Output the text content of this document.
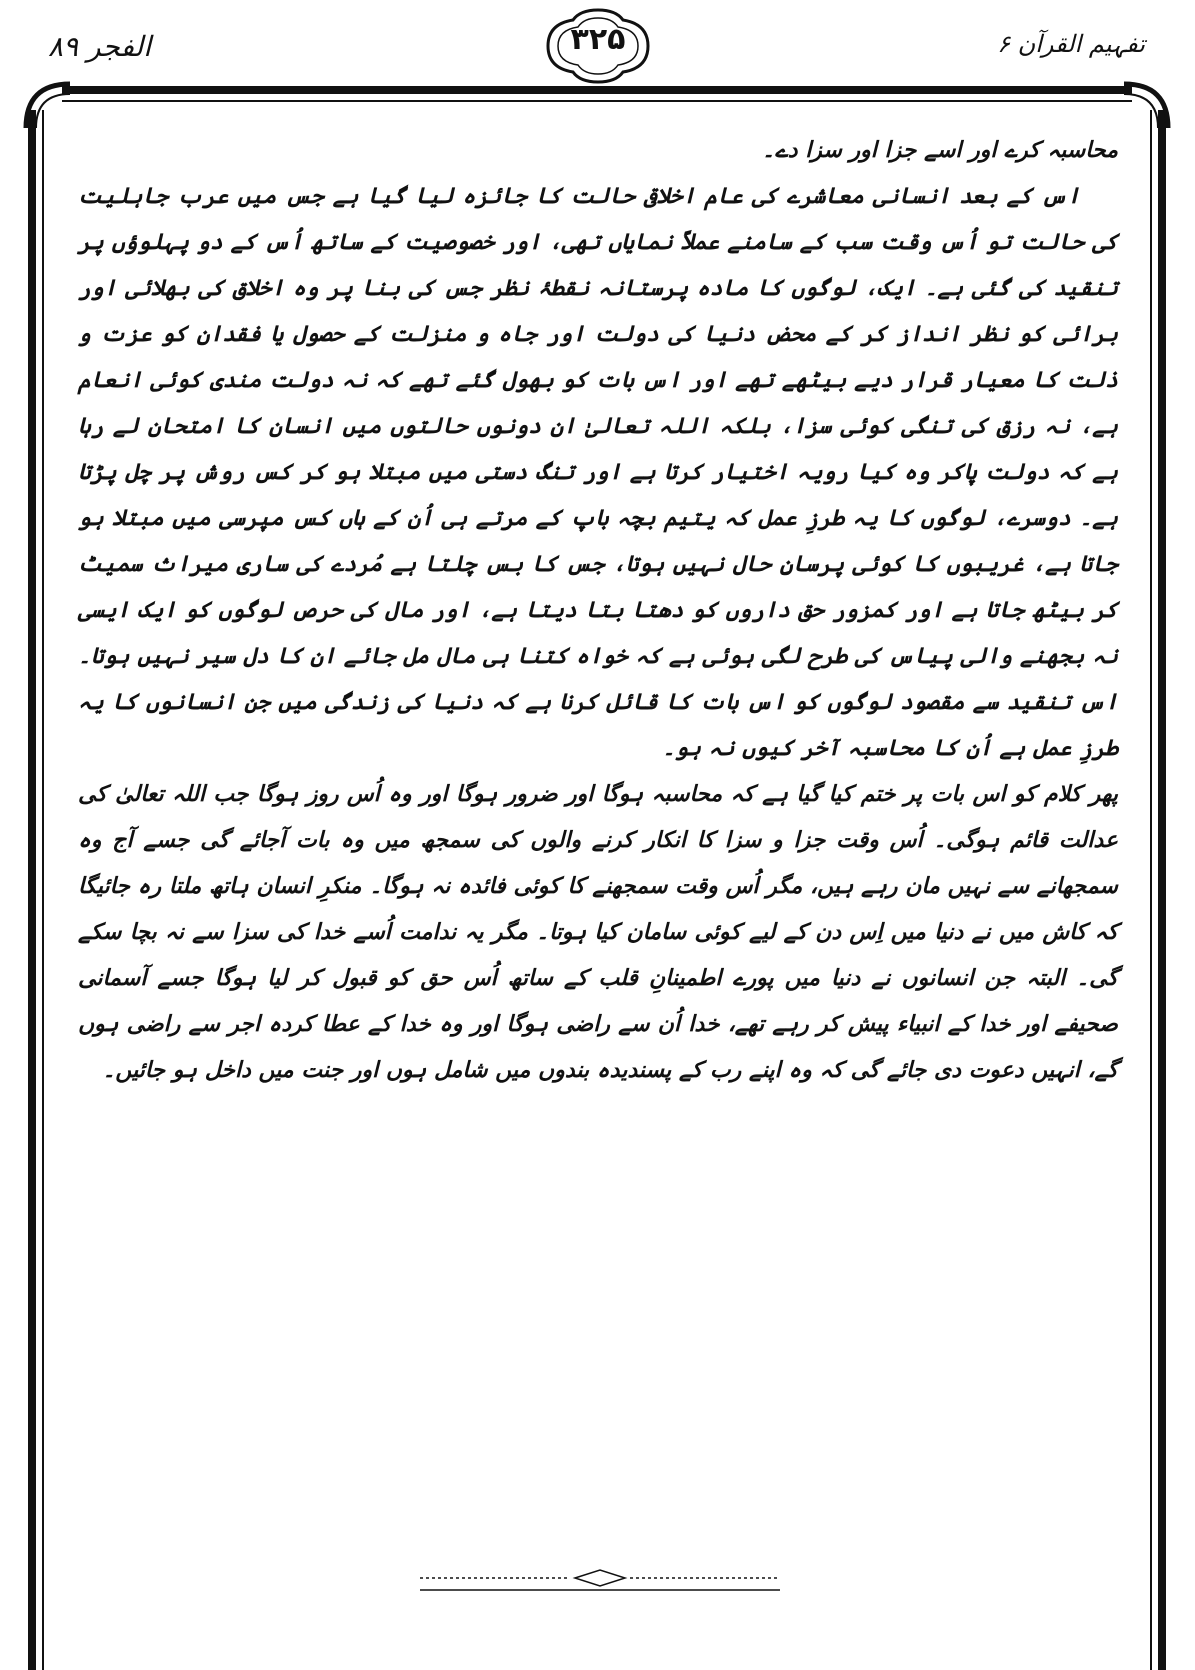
الفجر ۸۹	۳۲۵	تفہیم القرآن ۶

محاسبہ کرے اور اسے جزا اور سزا دے۔

اس کے بعد انسانی معاشرے کی عام اخلاقی حالت کا جائزہ لیا گیا ہے جس میں عرب جاہلیت کی حالت تو اُس وقت سب کے سامنے عملاً نمایاں تھی، اور خصوصیت کے ساتھ اُس کے دو پہلوؤں پر تنقید کی گئی ہے۔ ایک، لوگوں کا مادہ پرستانہ نقطۂ نظر جس کی بنا پر وہ اخلاق کی بھلائی اور برائی کو نظر انداز کر کے محض دنیا کی دولت اور جاہ و منزلت کے حصول یا فقدان کو عزت و ذلت کا معیار قرار دیے بیٹھے تھے اور اس بات کو بھول گئے تھے کہ نہ دولت مندی کوئی انعام ہے، نہ رزق کی تنگی کوئی سزا، بلکہ اللہ تعالیٰ ان دونوں حالتوں میں انسان کا امتحان لے رہا ہے کہ دولت پاکر وہ کیا رویہ اختیار کرتا ہے اور تنگ دستی میں مبتلا ہو کر کس روش پر چل پڑتا ہے۔ دوسرے، لوگوں کا یہ طرزِ عمل کہ یتیم بچہ باپ کے مرتے ہی اُن کے ہاں کس مپرسی میں مبتلا ہو جاتا ہے، غریبوں کا کوئی پرسانِ حال نہیں ہوتا، جس کا بس چلتا ہے مُردے کی ساری میراث سمیٹ کر بیٹھ جاتا ہے اور کمزور حق داروں کو دھتا بتا دیتا ہے، اور مال کی حرص لوگوں کو ایک ایسی نہ بجھنے والی پیاس کی طرح لگی ہوئی ہے کہ خواہ کتنا ہی مال مل جائے ان کا دل سیر نہیں ہوتا۔ اس تنقید سے مقصود لوگوں کو اس بات کا قائل کرنا ہے کہ دنیا کی زندگی میں جن انسانوں کا یہ طرزِ عمل ہے اُن کا محاسبہ آخر کیوں نہ ہو۔

پھر کلام کو اس بات پر ختم کیا گیا ہے کہ محاسبہ ہوگا اور ضرور ہوگا اور وہ اُس روز ہوگا جب اللہ تعالیٰ کی عدالت قائم ہوگی۔ اُس وقت جزا و سزا کا انکار کرنے والوں کی سمجھ میں وہ بات آجائے گی جسے آج وہ سمجھانے سے نہیں مان رہے ہیں، مگر اُس وقت سمجھنے کا کوئی فائدہ نہ ہوگا۔ منکرِ انسان ہاتھ ملتا رہ جائیگا کہ کاش میں نے دنیا میں اِس دن کے لیے کوئی سامان کیا ہوتا۔ مگر یہ ندامت اُسے خدا کی سزا سے نہ بچا سکے گی۔ البتہ جن انسانوں نے دنیا میں پورے اطمینانِ قلب کے ساتھ اُس حق کو قبول کر لیا ہوگا جسے آسمانی صحیفے اور خدا کے انبیاء پیش کر رہے تھے، خدا اُن سے راضی ہوگا اور وہ خدا کے عطا کردہ اجر سے راضی ہوں گے، انہیں دعوت دی جائے گی کہ وہ اپنے رب کے پسندیدہ بندوں میں شامل ہوں اور جنت میں داخل ہو جائیں۔
